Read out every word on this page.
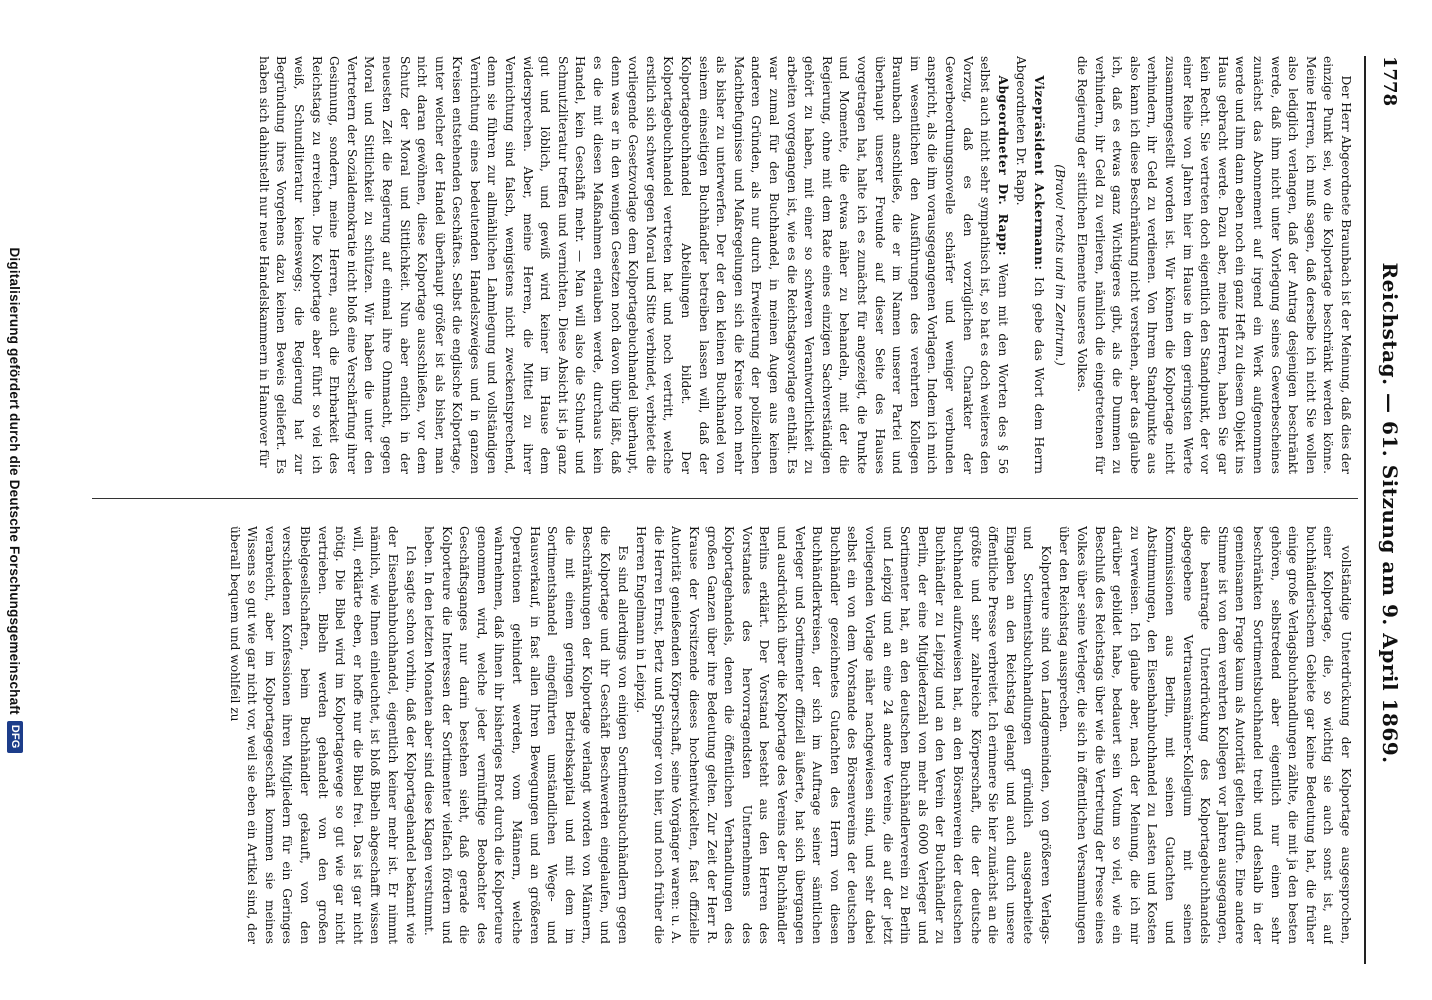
1778
Reichstag. — 61. Sitzung am 9. April 1869.

Der Herr Abgeordnete Braunbach ist der Meinung, daß dies der einzige Punkt sei, wo die Kolportage beschränkt werden könne. Meine Herren, ich muß sagen, daß derselbe ich nicht Sie wollen also lediglich verlangen, daß der Antrag desjenigen beschränkt werde, daß ihm nicht unter Vorlegung seines Gewerbescheines zunächst das Abonnement auf irgend ein Werk aufgenommen werde und ihm dann eben noch ein ganz Heft zu diesem Objekt ins Haus gebracht werde. Dazu aber, meine Herren, haben Sie gar kein Recht. Sie vertreten doch eigentlich den Standpunkt, der vor einer Reihe von Jahren hier im Hause in dem geringsten Werte zusammengestellt worden ist. Wir können die Kolportage nicht verhindern, ihr Geld zu verdienen. Von Ihrem Standpunkte aus also kann ich diese Beschränkung nicht verstehen, aber das glaube ich, daß es etwas ganz Wichtigeres gibt, als die Dummen zu verhindern, ihr Geld zu verlieren, nämlich die eingetretenen für die Regierung der sittlichen Elemente unseres Volkes.

(Bravo! rechts und im Zentrum.)

Vizepräsident Ackermann: Ich gebe das Wort dem Herrn Abgeordneten Dr. Rapp.

Abgeordneter Dr. Rapp: Wenn mit den Worten des § 56 selbst auch nicht sehr sympathisch ist, so hat es doch weiteres den Vorzug, daß es den vorzüglichen Charakter der Gewerbeordnungsnovelle schärfer und weniger verbunden anspricht, als die ihm vorausgegangenen Vorlagen. Indem ich mich im wesentlichen den Ausführungen des verehrten Kollegen Braunbach anschließe, die er im Namen unserer Partei und überhaupt unserer Freunde auf dieser Seite des Hauses vorgetragen hat, halte ich es zunächst für angezeigt, die Punkte und Momente, die etwas näher zu behandeln, mit der die Regierung, ohne mit dem Rate eines einzigen Sachverständigen gehört zu haben, mit einer so schweren Verantwortlichkeit zu arbeiten vorgegangen ist, wie es die Reichstagsvorlage enthält. Es war zumal für den Buchhandel, in meinen Augen aus keinen anderen Gründen, als nur durch Erweiterung der polizeilichen Machtbefugnisse und Maßregelungen sich die Kreise noch mehr als bisher zu unterwerfen. Der der den kleinen Buchhandel von seinem einseitigen Buchhändler betreiben lassen will, daß der Kolportagebuchhandel Abteilungen bildet. Der Kolportagebuchhandel vertreten hat und noch vertritt, welche erstlich sich schwer gegen Moral und Sitte verbindet, verbietet die vorliegende Gesetzvorlage dem Kolportagebuchhandel überhaupt, denn was er in den wenigen Gesetzen noch davon übrig läßt, daß es die mit diesen Maßnahmen erlauben werde, durchaus kein Handel, kein Geschäft mehr. — Man will also die Schund- und Schmutzliteratur treffen und vernichten. Diese Absicht ist ja ganz gut und löblich, und gewiß wird keiner im Hause dem widersprechen. Aber, meine Herren, die Mittel zu ihrer Vernichtung sind falsch, wenigstens nicht zweckentsprechend, denn sie führen zur allmählichen Lahmlegung und vollständigen Vernichtung eines bedeutenden Handelszweiges und in ganzen Kreisen entstehenden Geschäftes. Selbst die englische Kolportage, unter welcher der Handel überhaupt größer ist als bisher, man nicht daran gewöhnen, diese Kolportage ausschließen, vor dem Schutz der Moral und Sittlichkeit. Nun aber endlich in der neuesten Zeit die Regierung auf einmal ihre Ohnmacht, gegen Moral und Sittlichkeit zu schützen. Wir haben die unter den Vertretern der Sozialdemokratie nicht bloß eine Verschärfung ihrer Gesinnung, sondern, meine Herren, auch die Ehrbarkeit des Reichstags zu erreichen. Die Kolportage aber führt so viel ich weiß, Schundliteratur keineswegs; die Regierung hat zur Begründung ihres Vorgehens dazu keinen Beweis geliefert. Es haben sich dahinstellt nur neue Handelskammern in Hannover für

vollständige Unterdrückung der Kolportage ausgesprochen, einer Kolportage, die, so wichtig sie auch sonst ist, auf buchhändlerischem Gebiete gar keine Bedeutung hat, die früher einige große Verlagsbuchhandlungen zählte, die mit ja den besten gehören, selbstredend aber eigentlich nur einen sehr beschränkten Sortimentsbuchhandel treibt und deshalb in der gemeinsamen Frage kaum als Autorität gelten dürfte. Eine andere Stimme ist von dem verehrten Kollegen vor Jahren ausgegangen, die beantragte Unterdrückung des Kolportagebuchhandels abgegebene Vertrauensmänner-Kollegium mit seinen Kommissionen aus Berlin, mit seinen Gutachten und Abstimmungen, den Eisenbahnbuchhandel zu Lasten und Kosten zu verweisen. Ich glaube aber, nach der Meinung, die ich mir darüber gebildet habe, bedauert sein Votum so viel, wie ein Beschluß des Reichstags über wie die Vertretung der Presse eines Volkes über seine Verleger, die sich in öffentlichen Versammlungen über den Reichstag aussprechen.

Kolporteure sind von Landgemeinden, von größeren Verlags- und Sortimentsbuchhandlungen gründlich ausgearbeitete Eingaben an den Reichstag gelangt und auch durch unsere öffentliche Presse verbreitet. Ich erinnere Sie hier zunächst an die größte und sehr zahlreiche Körperschaft, die der deutsche Buchhandel aufzuweisen hat, an den Börsenverein der deutschen Buchhändler zu Leipzig und an den Verein der Buchhändler zu Berlin, der eine Mitgliederzahl von mehr als 6000 Verleger und Sortimenter hat, an den deutschen Buchhändlerverein zu Berlin und Leipzig und an eine 24 andere Vereine, die auf der jetzt vorliegenden Vorlage näher nachgewiesen sind, und sehr dabei selbst ein von dem Vorstande des Börsenvereins der deutschen Buchhändler gezeichnetes Gutachten des Herrn von diesen Buchhändlerkreisen, der sich im Auftrage seiner sämtlichen Verleger und Sortimenter offiziell äußerte, hat sich übergangen und ausdrücklich über die Kolportage des Vereins der Buchhändler Berlins erklärt. Der Vorstand besteht aus den Herren des Vorstandes des hervorragendsten Unternehmens des Kolportagehandels, denen die öffentlichen Verhandlungen des großen Ganzen über ihre Bedeutung gelten. Zur Zeit der Herr R. Krause der Vorsitzende dieses hochentwickelten, fast offizielle Autorität genießenden Körperschaft, seine Vorgänger waren: u. A. die Herren Ernst, Bertz und Springer von hier, und noch früher die Herren Engelmann in Leipzig.

Es sind allerdings von einigen Sortimentsbuchhändlern gegen die Kolportage und ihr Geschäft Beschwerden eingelaufen, und Beschränkungen der Kolportage verlangt worden von Männern, die mit einem geringen Betriebskapital und mit dem im Sortimentshandel eingeführten umständlichen Wege- und Hausverkauf, in fast allen Ihren Bewegungen und an größeren Operationen gehindert werden, vom Männern, welche wahrnehmen, daß ihnen ihr bisheriges Brot durch die Kolporteure genommen wird, welche jeder vernünftige Beobachter des Geschäftsganges nur darin bestehen sieht, daß gerade die Kolporteure die Interessen der Sortimenter vielfach fördern und heben. In den letzten Monaten aber sind diese Klagen verstummt.

Ich sagte schon vorhin, daß der Kolportagehandel bekannt wie der Eisenbahnbuchhandel, eigentlich keiner mehr ist. Er nimmt nämlich, wie Ihnen einleuchtet, ist bloß Bibeln abgeschafft wissen will, erklärte eben, er hoffe nur die Bibel frei. Das ist gar nicht nötig. Die Bibel wird im Kolportagewege so gut wie gar nicht vertrieben. Bibeln werden gehandelt von den großen Bibelgesellschaften, beim Buchhändler gekauft, von den verschiedenen Konfessionen ihren Mitgliedern für ein Geringes verabreicht, aber im Kolportagegeschäft kommen sie meines Wissens so gut wie gar nicht vor, weil sie eben ein Artikel sind, der überall bequem und wohlfeil zu

Digitalisierung gefördert durch die Deutsche Forschungsgemeinschaft
DFG
